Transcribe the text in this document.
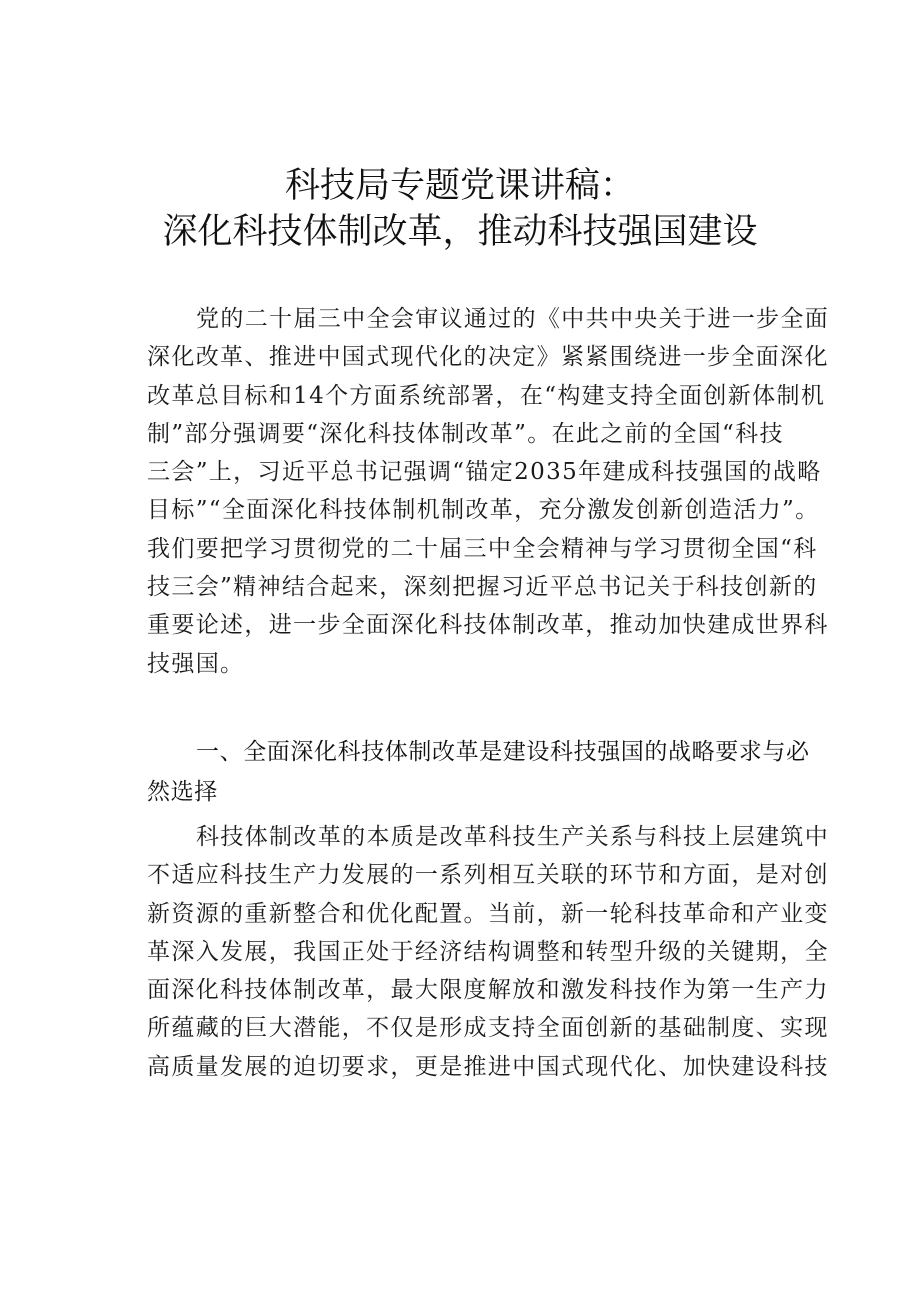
科技局专题党课讲稿：
深化科技体制改革，推动科技强国建设
党的二十届三中全会审议通过的《中共中央关于进一步全面
深化改革、推进中国式现代化的决定》紧紧围绕进一步全面深化
改革总目标和14个方面系统部署，在“构建支持全面创新体制机
制”部分强调要“深化科技体制改革”。在此之前的全国“科技
三会”上，习近平总书记强调“锚定2035年建成科技强国的战略
目标”“全面深化科技体制机制改革，充分激发创新创造活力”。
我们要把学习贯彻党的二十届三中全会精神与学习贯彻全国“科
技三会”精神结合起来，深刻把握习近平总书记关于科技创新的
重要论述，进一步全面深化科技体制改革，推动加快建成世界科
技强国。
一、全面深化科技体制改革是建设科技强国的战略要求与必
然选择
科技体制改革的本质是改革科技生产关系与科技上层建筑中
不适应科技生产力发展的一系列相互关联的环节和方面，是对创
新资源的重新整合和优化配置。当前，新一轮科技革命和产业变
革深入发展，我国正处于经济结构调整和转型升级的关键期，全
面深化科技体制改革，最大限度解放和激发科技作为第一生产力
所蕴藏的巨大潜能，不仅是形成支持全面创新的基础制度、实现
高质量发展的迫切要求，更是推进中国式现代化、加快建设科技
